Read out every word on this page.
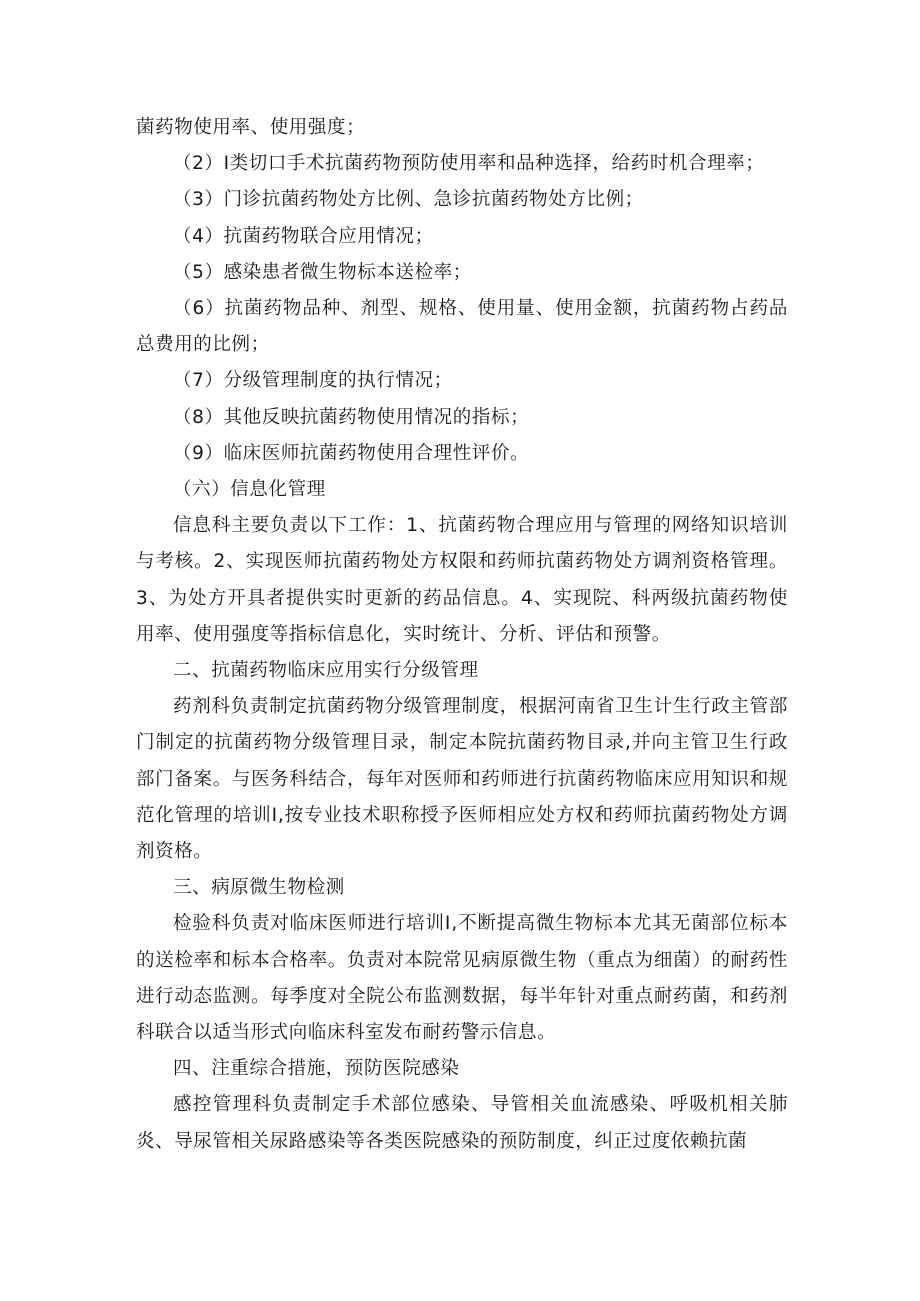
菌药物使用率、使用强度；

（2）Ⅰ类切口手术抗菌药物预防使用率和品种选择，给药时机合理率；

（3）门诊抗菌药物处方比例、急诊抗菌药物处方比例；

（4）抗菌药物联合应用情况；

（5）感染患者微生物标本送检率；

（6）抗菌药物品种、剂型、规格、使用量、使用金额，抗菌药物占药品总费用的比例；

（7）分级管理制度的执行情况；

（8）其他反映抗菌药物使用情况的指标；

（9）临床医师抗菌药物使用合理性评价。

（六）信息化管理

信息科主要负责以下工作：1、抗菌药物合理应用与管理的网络知识培训与考核。2、实现医师抗菌药物处方权限和药师抗菌药物处方调剂资格管理。3、为处方开具者提供实时更新的药品信息。4、实现院、科两级抗菌药物使用率、使用强度等指标信息化，实时统计、分析、评估和预警。

二、抗菌药物临床应用实行分级管理

药剂科负责制定抗菌药物分级管理制度，根据河南省卫生计生行政主管部门制定的抗菌药物分级管理目录，制定本院抗菌药物目录,并向主管卫生行政部门备案。与医务科结合，每年对医师和药师进行抗菌药物临床应用知识和规范化管理的培训Ⅰ,按专业技术职称授予医师相应处方权和药师抗菌药物处方调剂资格。

三、病原微生物检测

检验科负责对临床医师进行培训Ⅰ,不断提高微生物标本尤其无菌部位标本的送检率和标本合格率。负责对本院常见病原微生物（重点为细菌）的耐药性进行动态监测。每季度对全院公布监测数据，每半年针对重点耐药菌，和药剂科联合以适当形式向临床科室发布耐药警示信息。

四、注重综合措施，预防医院感染

感控管理科负责制定手术部位感染、导管相关血流感染、呼吸机相关肺炎、导尿管相关尿路感染等各类医院感染的预防制度，纠正过度依赖抗菌
